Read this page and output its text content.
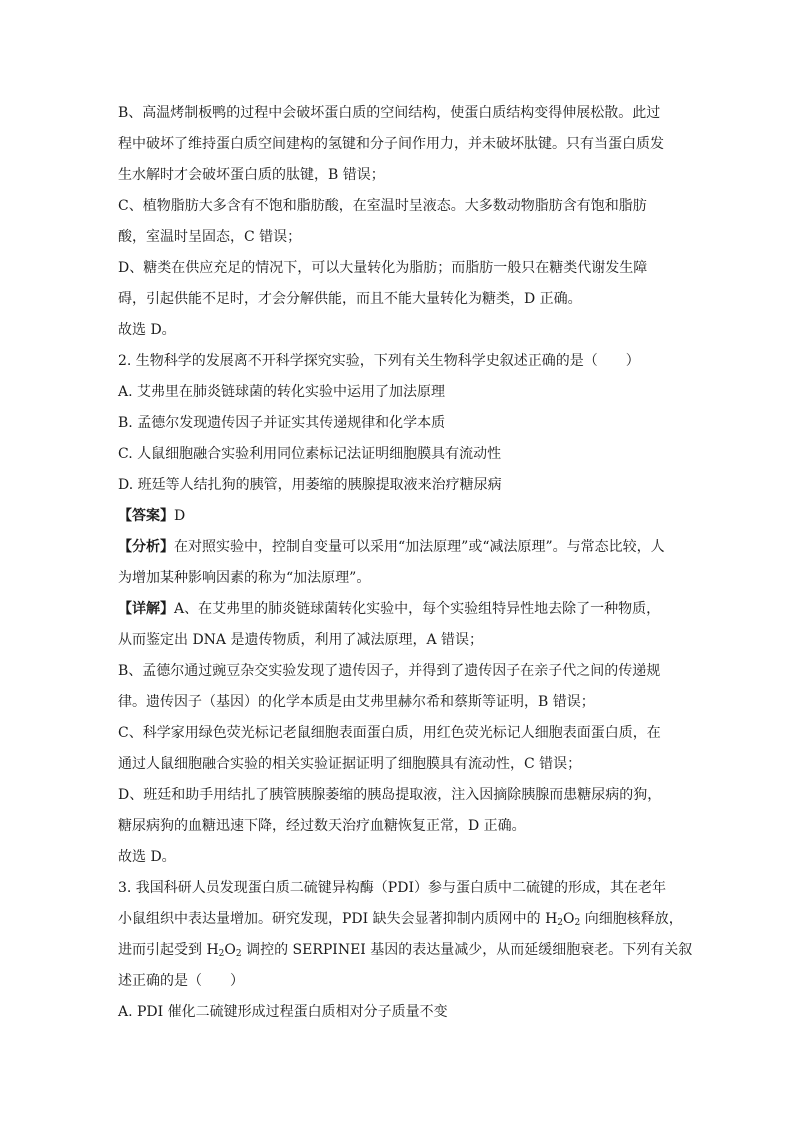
B、高温烤制板鸭的过程中会破坏蛋白质的空间结构，使蛋白质结构变得伸展松散。此过
程中破坏了维持蛋白质空间建构的氢键和分子间作用力，并未破坏肽键。只有当蛋白质发
生水解时才会破坏蛋白质的肽键，B 错误；
C、植物脂肪大多含有不饱和脂肪酸，在室温时呈液态。大多数动物脂肪含有饱和脂肪
酸，室温时呈固态，C 错误；
D、糖类在供应充足的情况下，可以大量转化为脂肪；而脂肪一般只在糖类代谢发生障
碍，引起供能不足时，才会分解供能，而且不能大量转化为糖类，D 正确。
故选 D。
2. 生物科学的发展离不开科学探究实验，下列有关生物科学史叙述正确的是（　　）
A. 艾弗里在肺炎链球菌的转化实验中运用了加法原理
B. 孟德尔发现遗传因子并证实其传递规律和化学本质
C. 人鼠细胞融合实验利用同位素标记法证明细胞膜具有流动性
D. 班廷等人结扎狗的胰管，用萎缩的胰腺提取液来治疗糖尿病
【答案】D
【分析】在对照实验中，控制自变量可以采用“加法原理”或“减法原理”。与常态比较，人
为增加某种影响因素的称为“加法原理”。
【详解】A、在艾弗里的肺炎链球菌转化实验中，每个实验组特异性地去除了一种物质，
从而鉴定出 DNA 是遗传物质，利用了减法原理，A 错误；
B、孟德尔通过豌豆杂交实验发现了遗传因子，并得到了遗传因子在亲子代之间的传递规
律。遗传因子（基因）的化学本质是由艾弗里赫尔希和蔡斯等证明，B 错误；
C、科学家用绿色荧光标记老鼠细胞表面蛋白质，用红色荧光标记人细胞表面蛋白质，在
通过人鼠细胞融合实验的相关实验证据证明了细胞膜具有流动性，C 错误；
D、班廷和助手用结扎了胰管胰腺萎缩的胰岛提取液，注入因摘除胰腺而患糖尿病的狗，
糖尿病狗的血糖迅速下降，经过数天治疗血糖恢复正常，D 正确。
故选 D。
3. 我国科研人员发现蛋白质二硫键异构酶（PDI）参与蛋白质中二硫键的形成，其在老年
小鼠组织中表达量增加。研究发现，PDI 缺失会显著抑制内质网中的 $H_2O_2$ 向细胞核释放，
进而引起受到 $H_2O_2$ 调控的 SERPINEI 基因的表达量减少，从而延缓细胞衰老。下列有关叙
述正确的是（　　）
A. PDI 催化二硫键形成过程蛋白质相对分子质量不变
